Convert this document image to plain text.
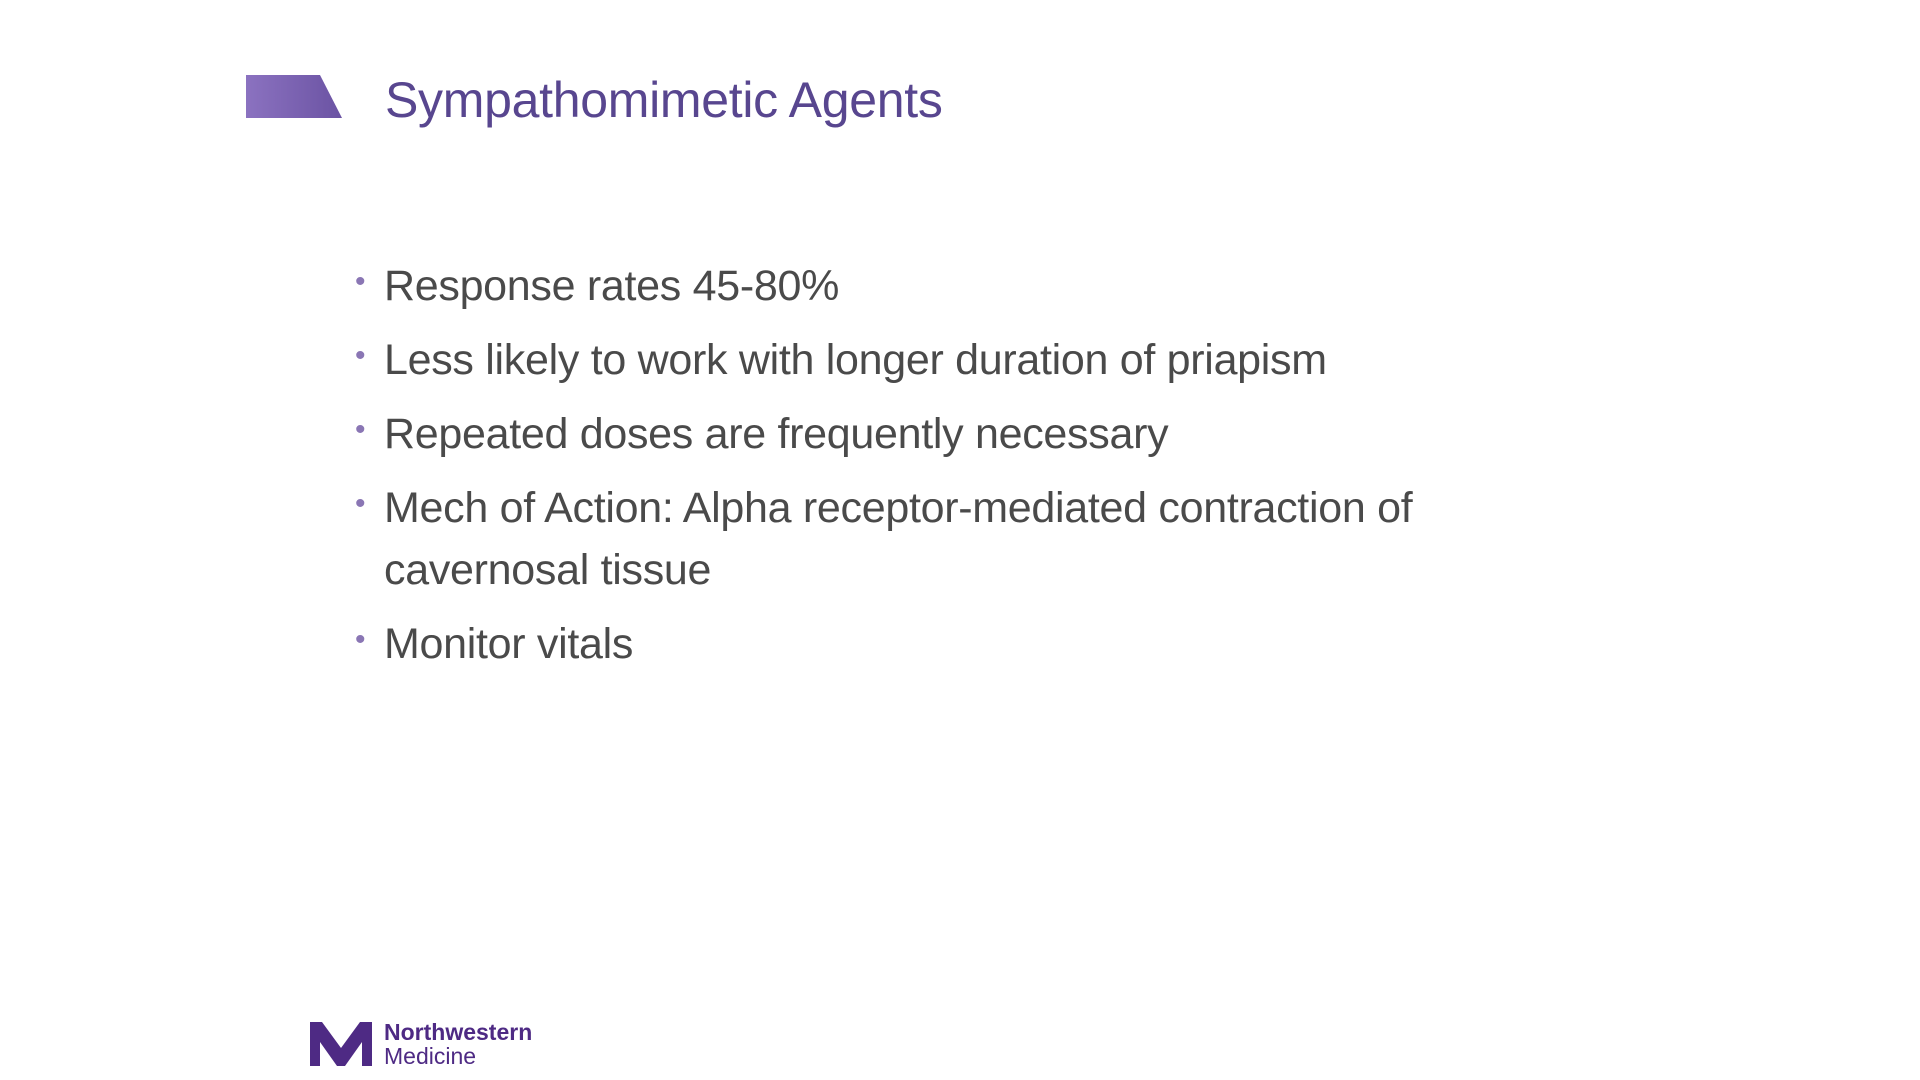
Sympathomimetic Agents
• Response rates 45-80%
• Less likely to work with longer duration of priapism
• Repeated doses are frequently necessary
• Mech of Action: Alpha receptor-mediated contraction of  cavernosal tissue
• Monitor vitals
Northwestern
Medicine
